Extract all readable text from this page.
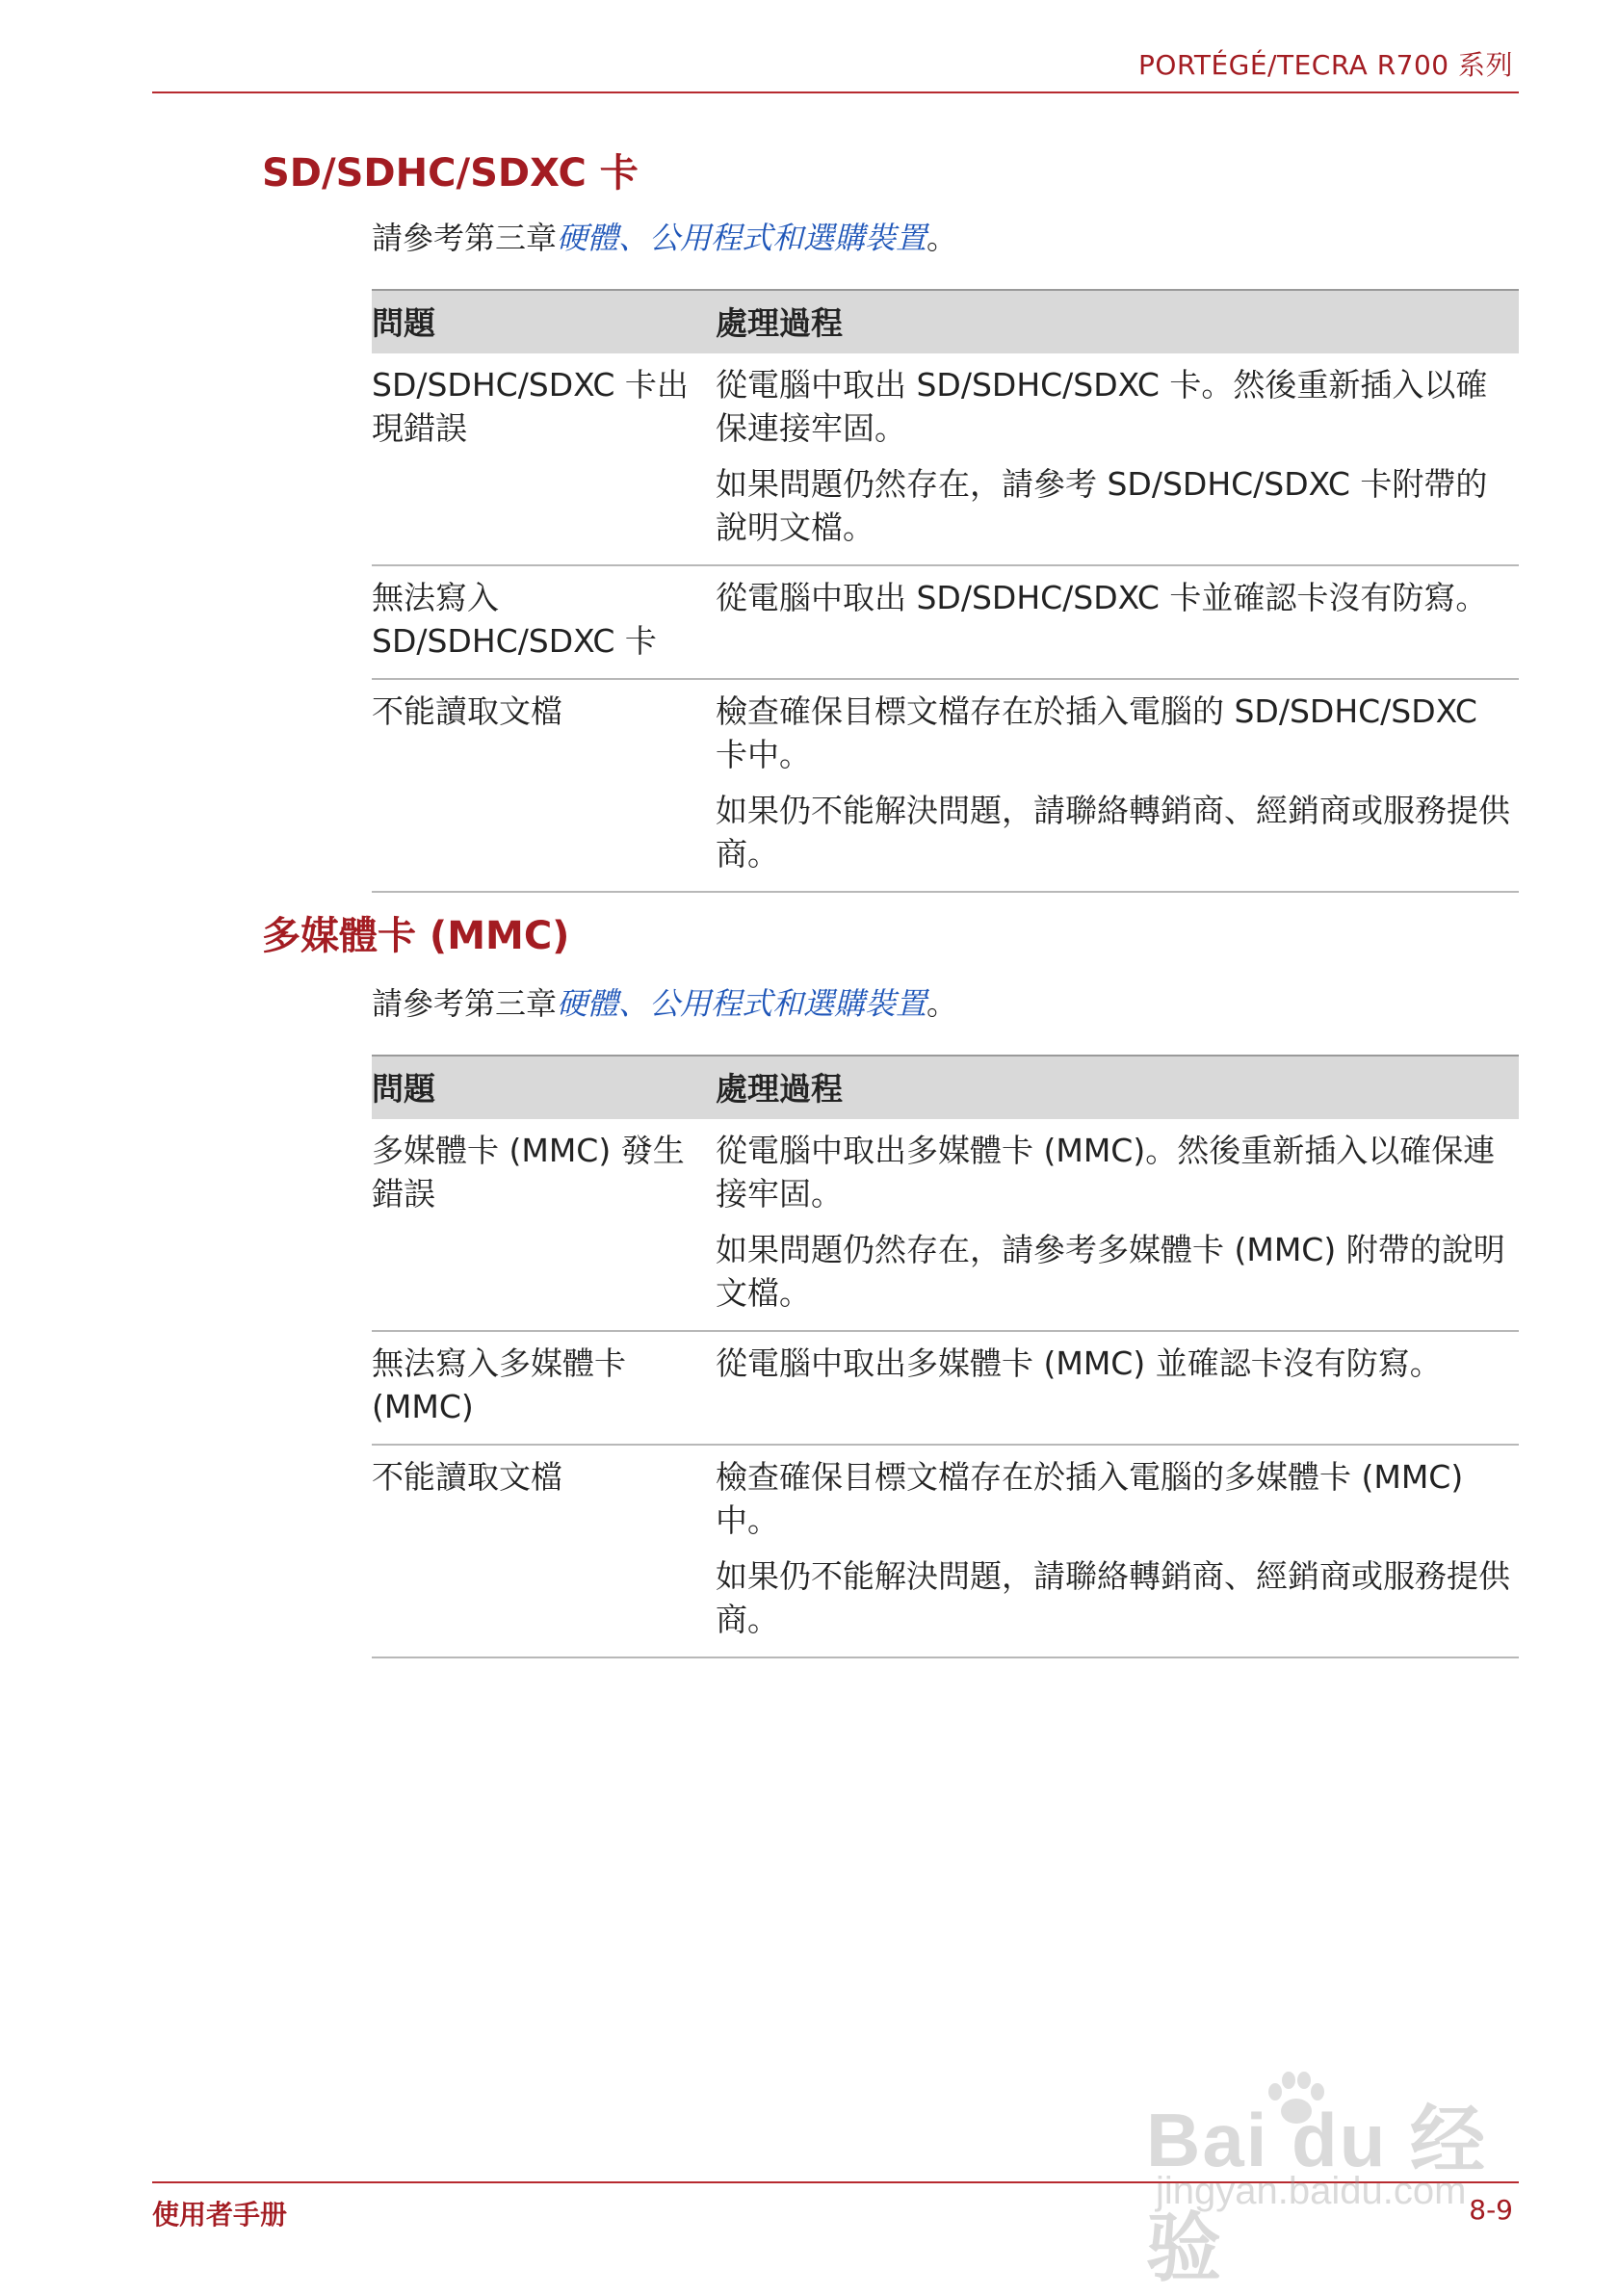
PORTÉGÉ/TECRA R700 系列
SD/SDHC/SDXC 卡
請參考第三章硬體、公用程式和選購裝置。
問題	處理過程

SD/SDHC/SDXC 卡出現錯誤	從電腦中取出 SD/SDHC/SDXC 卡。然後重新插入以確保連接牢固。

如果問題仍然存在，請參考 SD/SDHC/SDXC 卡附帶的說明文檔。

無法寫入 SD/SDHC/SDXC 卡	從電腦中取出 SD/SDHC/SDXC 卡並確認卡沒有防寫。

不能讀取文檔	檢查確保目標文檔存在於插入電腦的 SD/SDHC/SDXC 卡中。

如果仍不能解決問題，請聯絡轉銷商、經銷商或服務提供商。

多媒體卡 (MMC)
請參考第三章硬體、公用程式和選購裝置。
問題	處理過程

多媒體卡 (MMC) 發生錯誤	從電腦中取出多媒體卡 (MMC)。然後重新插入以確保連接牢固。

如果問題仍然存在，請參考多媒體卡 (MMC) 附帶的說明文檔。

無法寫入多媒體卡 (MMC)	從電腦中取出多媒體卡 (MMC) 並確認卡沒有防寫。

不能讀取文檔	檢查確保目標文檔存在於插入電腦的多媒體卡 (MMC) 中。

如果仍不能解決問題，請聯絡轉銷商、經銷商或服務提供商。

使用者手册	8-9
Bai du 经验
jingyan.baidu.com
